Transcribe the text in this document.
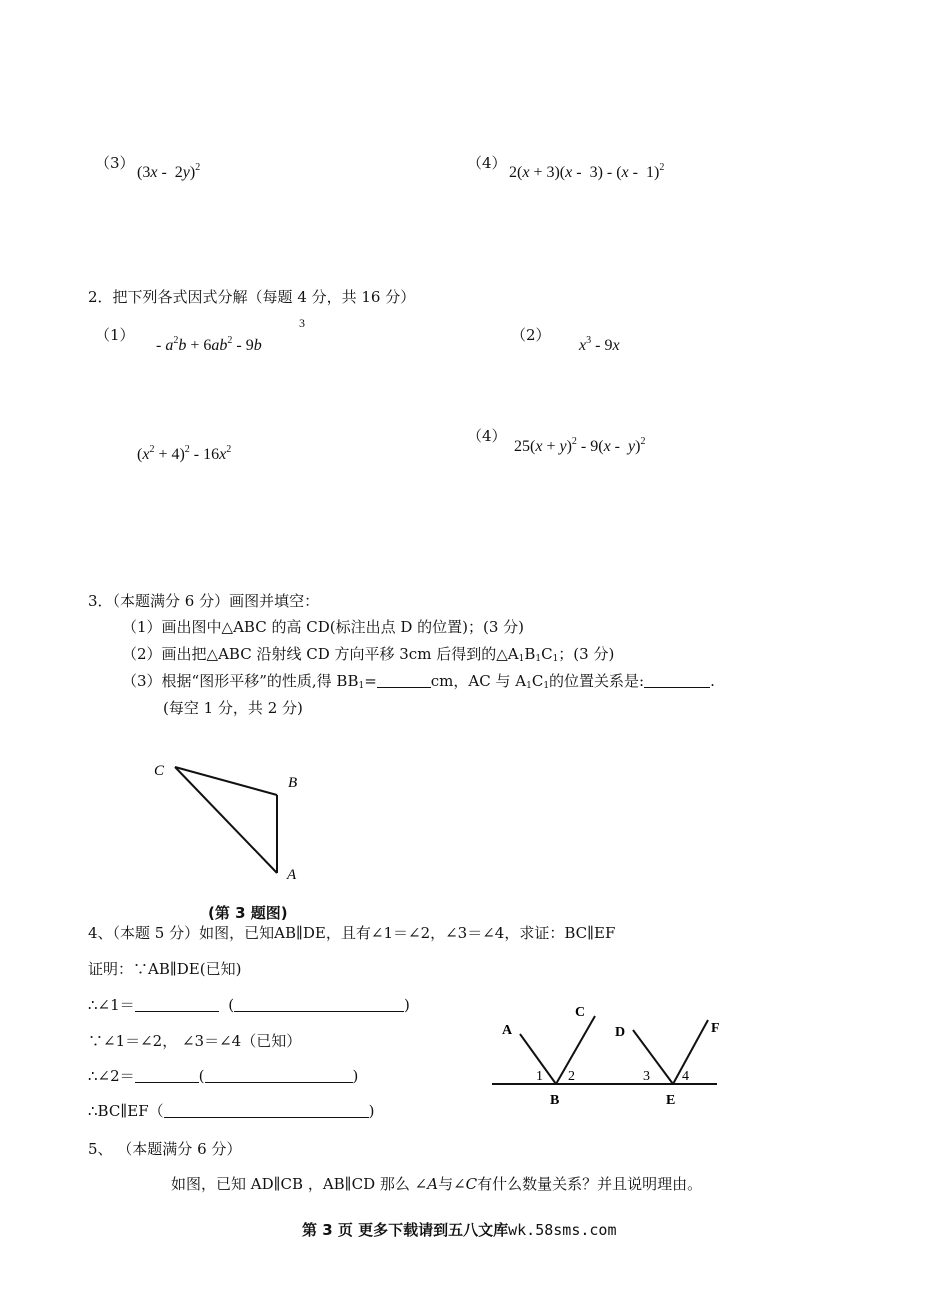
（3）
(3x -  2y)$^2$	（4）
2(x + 3)(x -  3) - (x -  1)$^2$
2．把下列各式因式分解（每题 4 分，共 16 分）
（1）
- $a^2b + 6ab^2 - 9b$
3
（2）
$x^3 - 9x$
$(x^2 + 4)^2 - 16x^2$
（4）
$25(x + y)^2 - 9(x - y)^2$
3．（本题满分 6 分）画图并填空：
（1）画出图中△ABC 的高 CD(标注出点 D 的位置)；(3 分)
（2）画出把△ABC 沿射线 CD 方向平移 3cm 后得到的$\triangle A_1B_1C_1$；(3 分)
（3）根据“图形平移”的性质,得 $BB_1=$	cm，AC 与 $A_1C_1$的位置关系是:	.
(每空 1 分，共 2 分)
C
B
A
(第 3 题图)
4、（本题 5 分）如图，已知AB∥DE，且有∠1＝∠2，∠3＝∠4，求证：BC∥EF
证明：∵AB∥DE(已知)
∴∠1＝	(	)
∵∠1＝∠2， ∠3＝∠4（已知）
∴∠2＝	(	)
∴BC∥EF（	)
A
C
D	F
1 2	3 4
B	E
5、 （本题满分 6 分）
如图，已知 AD∥CB ，AB∥CD 那么 ∠A与∠C有什么数量关系？并且说明理由。
第 3 页 更多下载请到五八文库wk.58sms.com
